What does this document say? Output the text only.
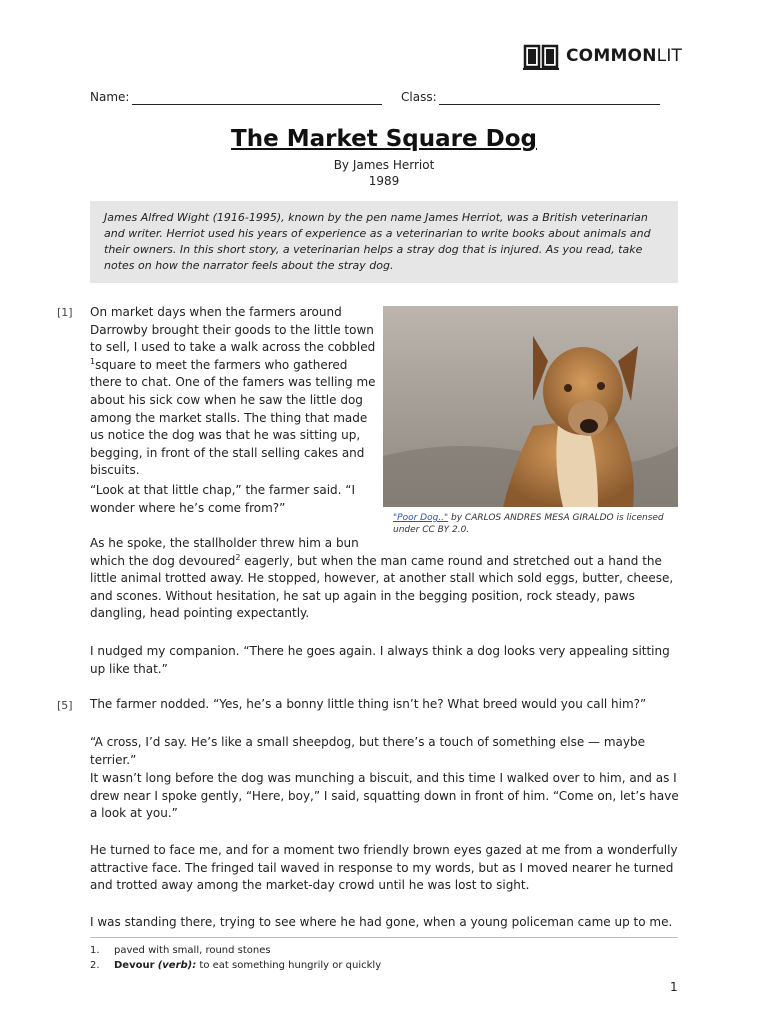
COMMONLIT
Name:	Class:
The Market Square Dog
By James Herriot
1989
James Alfred Wight (1916-1995), known by the pen name James Herriot, was a British veterinarian and writer. Herriot used his years of experience as a veterinarian to write books about animals and their owners. In this short story, a veterinarian helps a stray dog that is injured. As you read, take notes on how the narrator feels about the stray dog.
[1] On market days when the farmers around Darrowby brought their goods to the little town to sell, I used to take a walk across the cobbled $^1$square to meet the farmers who gathered there to chat. One of the famers was telling me about his sick cow when he saw the little dog among the market stalls. The thing that made us notice the dog was that he was sitting up, begging, in front of the stall selling cakes and biscuits.
"Poor Dog.." by CARLOS ANDRES MESA GIRALDO is licensed under CC BY 2.0.
“Look at that little chap,” the farmer said. “I wonder where he’s come from?”
As he spoke, the stallholder threw him a bun
which the dog devoured$^2$ eagerly, but when the man came round and stretched out a hand the little animal trotted away. He stopped, however, at another stall which sold eggs, butter, cheese, and scones. Without hesitation, he sat up again in the begging position, rock steady, paws dangling, head pointing expectantly.
I nudged my companion. “There he goes again. I always think a dog looks very appealing sitting up like that.”
[5] The farmer nodded. “Yes, he’s a bonny little thing isn’t he? What breed would you call him?”
“A cross, I’d say. He’s like a small sheepdog, but there’s a touch of something else — maybe terrier.”
It wasn’t long before the dog was munching a biscuit, and this time I walked over to him, and as I drew near I spoke gently, “Here, boy,” I said, squatting down in front of him. “Come on, let’s have a look at you.”
He turned to face me, and for a moment two friendly brown eyes gazed at me from a wonderfully attractive face. The fringed tail waved in response to my words, but as I moved nearer he turned and trotted away among the market-day crowd until he was lost to sight.
I was standing there, trying to see where he had gone, when a young policeman came up to me.
1.	paved with small, round stones
2.	Devour (verb): to eat something hungrily or quickly
1
